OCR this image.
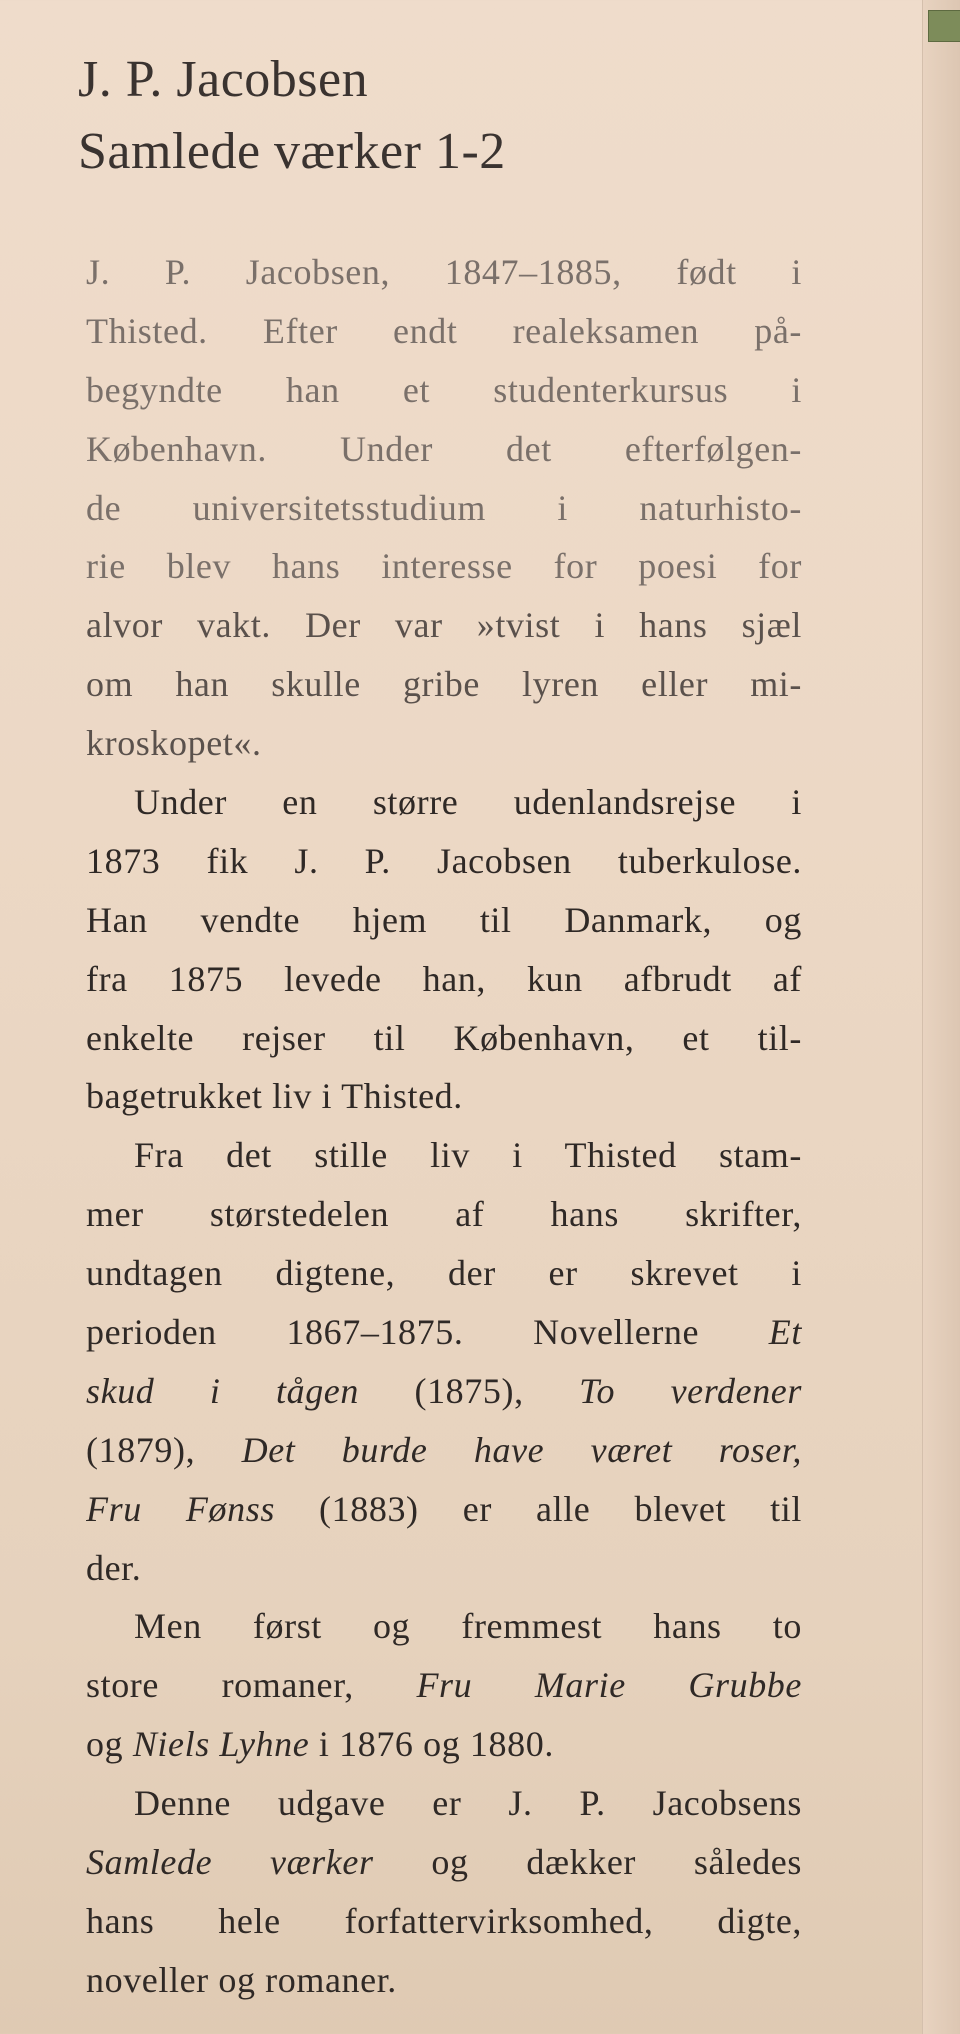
J. P. Jacobsen
Samlede værker 1-2
J. P. Jacobsen, 1847–1885, født i
Thisted. Efter endt realeksamen på-
begyndte han et studenterkursus i
København. Under det efterfølgen-
de universitetsstudium i naturhisto-
rie blev hans interesse for poesi for
alvor vakt. Der var »tvist i hans sjæl
om han skulle gribe lyren eller mi-
kroskopet«.
Under en større udenlandsrejse i
1873 fik J. P. Jacobsen tuberkulose.
Han vendte hjem til Danmark, og
fra 1875 levede han, kun afbrudt af
enkelte rejser til København, et til-
bagetrukket liv i Thisted.
Fra det stille liv i Thisted stam-
mer størstedelen af hans skrifter,
undtagen digtene, der er skrevet i
perioden 1867–1875. Novellerne Et
skud i tågen (1875), To verdener
(1879), Det burde have været roser,
Fru Fønss (1883) er alle blevet til
der.
Men først og fremmest hans to
store romaner, Fru Marie Grubbe
og Niels Lyhne i 1876 og 1880.
Denne udgave er J. P. Jacobsens
Samlede værker og dækker således
hans hele forfattervirksomhed, digte,
noveller og romaner.
